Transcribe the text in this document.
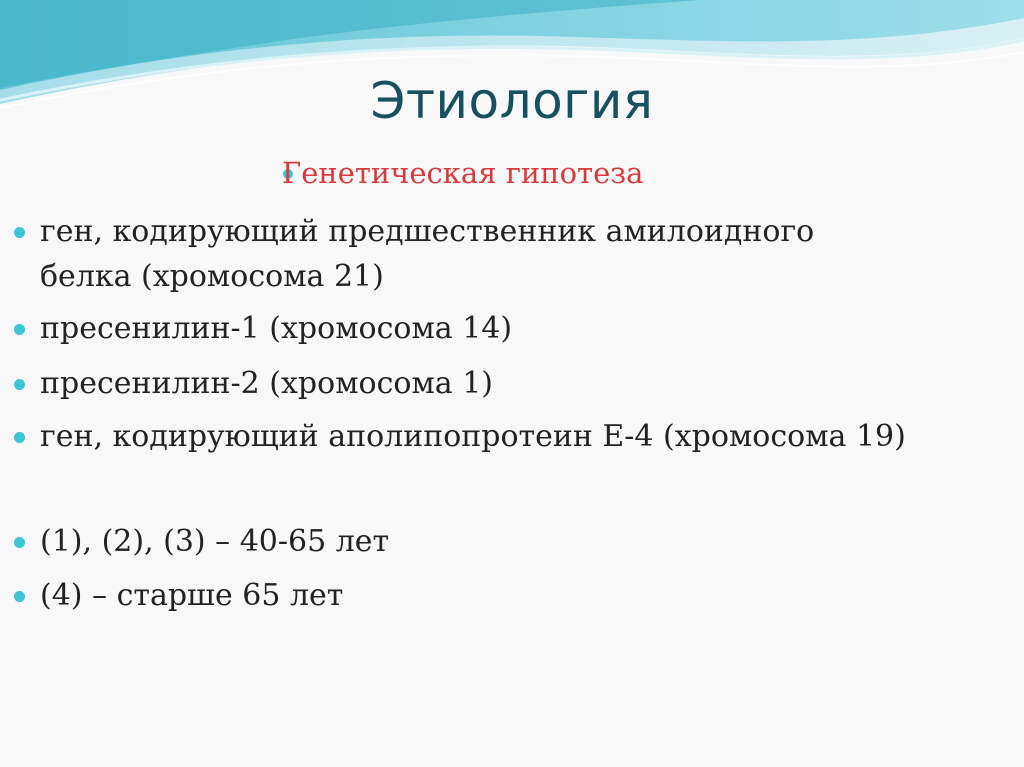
Этиология
Генетическая гипотеза
ген, кодирующий предшественник амилоидного
белка (хромосома 21)
пресенилин-1 (хромосома 14)
пресенилин-2 (хромосома 1)
ген, кодирующий аполипопротеин Е-4 (хромосома 19)
(1), (2), (3) – 40-65 лет
(4) – старше 65 лет
